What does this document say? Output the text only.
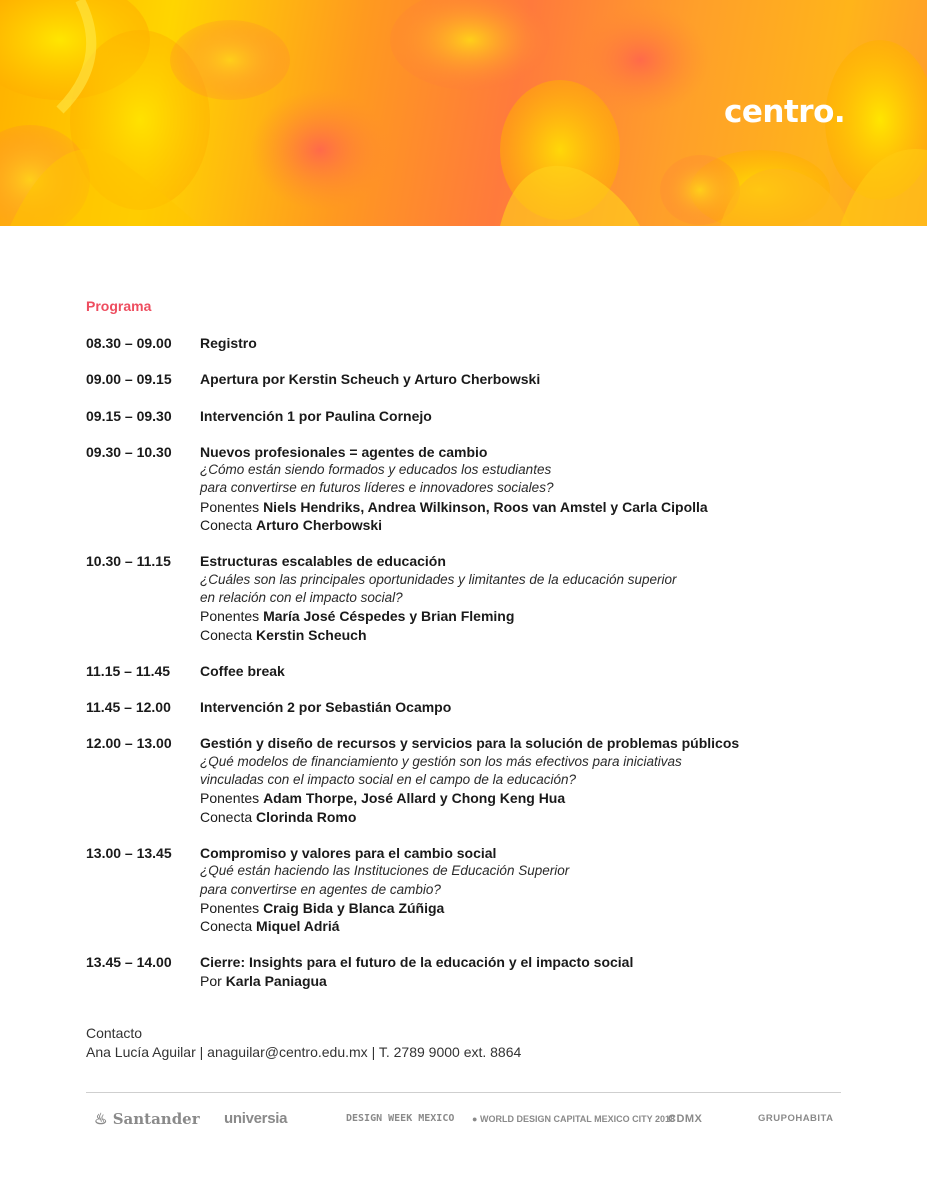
centro.
Programa
08.30 – 09.00	Registro
09.00 – 09.15	Apertura por Kerstin Scheuch y Arturo Cherbowski
09.15 – 09.30	Intervención 1 por Paulina Cornejo
09.30 – 10.30	Nuevos profesionales = agentes de cambio
¿Cómo están siendo formados y educados los estudiantes
para convertirse en futuros líderes e innovadores sociales?
Ponentes Niels Hendriks, Andrea Wilkinson, Roos van Amstel y Carla Cipolla
Conecta Arturo Cherbowski
10.30 – 11.15	Estructuras escalables de educación
¿Cuáles son las principales oportunidades y limitantes de la educación superior
en relación con el impacto social?
Ponentes María José Céspedes y Brian Fleming
Conecta Kerstin Scheuch
11.15 – 11.45	Coffee break
11.45 – 12.00	Intervención 2 por Sebastián Ocampo
12.00 – 13.00	Gestión y diseño de recursos y servicios para la solución de problemas públicos
¿Qué modelos de financiamiento y gestión son los más efectivos para iniciativas
vinculadas con el impacto social en el campo de la educación?
Ponentes Adam Thorpe, José Allard y Chong Keng Hua
Conecta Clorinda Romo
13.00 – 13.45	Compromiso y valores para el cambio social
¿Qué están haciendo las Instituciones de Educación Superior
para convertirse en agentes de cambio?
Ponentes Craig Bida y Blanca Zúñiga
Conecta Miquel Adriá
13.45 – 14.00	Cierre: Insights para el futuro de la educación y el impacto social
Por Karla Paniagua
Contacto
Ana Lucía Aguilar | anaguilar@centro.edu.mx | T. 2789 9000 ext. 8864
♨ Santander universia	DESIGN WEEK MEXICO ● WORLD DESIGN CAPITAL MEXICO CITY 2018
CDMX	GRUPOHABITA
